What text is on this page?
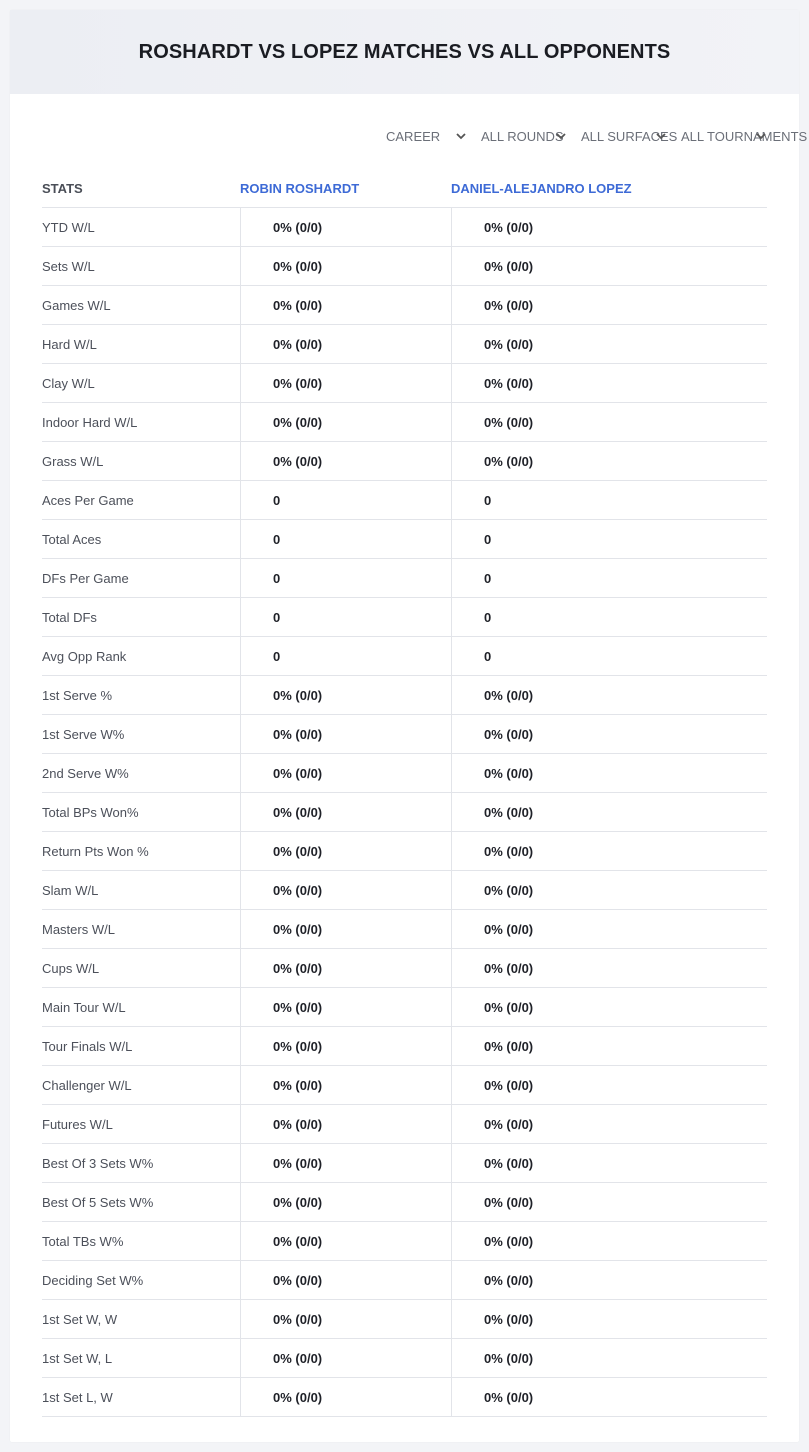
ROSHARDT VS LOPEZ MATCHES VS ALL OPPONENTS
CAREER	ALL ROUNDS ALL SURFACES ALL TOURNAMENTS
STATS	ROBIN ROSHARDT	DANIEL-ALEJANDRO LOPEZ
YTD W/L	0% (0/0)	0% (0/0)
Sets W/L	0% (0/0)	0% (0/0)
Games W/L	0% (0/0)	0% (0/0)
Hard W/L	0% (0/0)	0% (0/0)
Clay W/L	0% (0/0)	0% (0/0)
Indoor Hard W/L	0% (0/0)	0% (0/0)
Grass W/L	0% (0/0)	0% (0/0)
Aces Per Game	0	0
Total Aces	0	0
DFs Per Game	0	0
Total DFs	0	0
Avg Opp Rank	0	0
1st Serve %	0% (0/0)	0% (0/0)
1st Serve W%	0% (0/0)	0% (0/0)
2nd Serve W%	0% (0/0)	0% (0/0)
Total BPs Won%	0% (0/0)	0% (0/0)
Return Pts Won %	0% (0/0)	0% (0/0)
Slam W/L	0% (0/0)	0% (0/0)
Masters W/L	0% (0/0)	0% (0/0)
Cups W/L	0% (0/0)	0% (0/0)
Main Tour W/L	0% (0/0)	0% (0/0)
Tour Finals W/L	0% (0/0)	0% (0/0)
Challenger W/L	0% (0/0)	0% (0/0)
Futures W/L	0% (0/0)	0% (0/0)
Best Of 3 Sets W%	0% (0/0)	0% (0/0)
Best Of 5 Sets W%	0% (0/0)	0% (0/0)
Total TBs W%	0% (0/0)	0% (0/0)
Deciding Set W%	0% (0/0)	0% (0/0)
1st Set W, W	0% (0/0)	0% (0/0)
1st Set W, L	0% (0/0)	0% (0/0)
1st Set L, W	0% (0/0)	0% (0/0)
